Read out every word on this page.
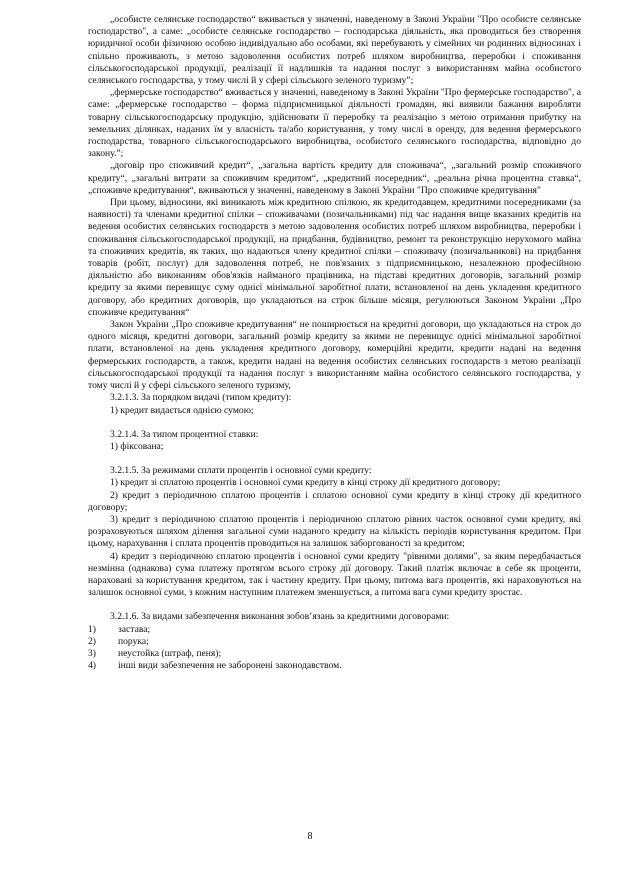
„особисте селянське господарство“ вживається у значенні, наведеному в Законі України "Про особисте селянське господарство", а саме: „особисте селянське господарство – господарська діяльність, яка проводиться без створення юридичної особи фізичною особою індивідуально або особами, які перебувають у сімейних чи родинних відносинах і спільно проживають, з метою задоволення особистих потреб шляхом виробництва, переробки і споживання сільськогосподарської продукції, реалізації її надлишків та надання послуг з використанням майна особистого селянського господарства, у тому числі й у сфері сільського зеленого туризму”;

„фермерське господарство“ вживається у значенні, наведеному в Законі України "Про фермерське господарство", а саме: „фермерське господарство – форма підприємницької діяльності громадян, які виявили бажання виробляти товарну сільськогосподарську продукцію, здійснювати її переробку та реалізацію з метою отримання прибутку на земельних ділянках, наданих їм у власність та/або користування, у тому числі в оренду, для ведення фермерського господарства, товарного сільськогосподарського виробництва, особистого селянського господарства, відповідно до закону.”;

„договір про споживчий кредит“, „загальна вартість кредиту для споживача“, „загальний розмір споживчого кредиту“, „загальні витрати за споживчим кредитом“, „кредитний посередник“, „реальна річна процентна ставка“, „споживче кредитування“, вживаються у значенні, наведеному в Законі України "Про споживче кредитування"

При цьому, відносини, які виникають між кредитною спілкою, як кредитодавцем, кредитними посередниками (за наявності) та членами кредитної спілки – споживачами (позичальниками) під час надання вище вказаних кредитів на ведення особистих селянських господарств з метою задоволення особистих потреб шляхом виробництва, переробки і споживання сільськогосподарської продукції, на придбання, будівництво, ремонт та реконструкцію нерухомого майна та споживчих кредитів, як таких, що надаються члену кредитної спілки – споживачу (позичальникові) на придбання товарів (робіт, послуг) для задоволення потреб, не пов'язаних з підприємницькою, незалежною професійною діяльністю або виконанням обов'язків найманого працівника, на підставі кредитних договорів, загальний розмір кредиту за якими перевищує суму однієї мінімальної заробітної плати, встановленої на день укладення кредитного договору, або кредитних договорів, що укладаються на строк більше місяця, регулюються Законом України „Про споживче кредитування“

Закон України „Про споживче кредитування“ не поширюється на кредитні договори, що укладаються на строк до одного місяця, кредитні договори, загальний розмір кредиту за якими не перевищує однієї мінімальної заробітної плати, встановленої на день укладення кредитного договору, комерційні кредити, кредити надані на ведення фермерських господарств, а також, кредити надані на ведення особистих селянських господарств з метою реалізації сільськогосподарської продукції та надання послуг з використанням майна особистого селянського господарства, у тому числі й у сфері сільського зеленого туризму,

3.2.1.3. За порядком видачі (типом кредиту):

1) кредит видається однією сумою;

3.2.1.4. За типом процентної ставки:

1) фіксована;

3.2.1.5. За режимами сплати процентів і основної суми кредиту:

1) кредит зі сплатою процентів і основної суми кредиту в кінці строку дії кредитного договору;

2) кредит з періодичною сплатою процентів і сплатою основної суми кредиту в кінці строку дії кредитного договору;

3) кредит з періодичною сплатою процентів і періодичною сплатою рівних часток основної суми кредиту, які розраховуються шляхом ділення загальної суми наданого кредиту на кількість періодів користування кредитом. При цьому, нарахування і сплата процентів проводиться на залишок заборгованості за кредитом;

4) кредит з періодичною сплатою процентів і основної суми кредиту "рівними долями", за яким передбачається незмінна (однакова) сума платежу протягом всього строку дії договору. Такий платіж включає в себе як проценти, нараховані за користування кредитом, так і частину кредиту. При цьому, питома вага процентів, які нараховуються на залишок основної суми, з кожним наступним платежем зменшується, а питома вага суми кредиту зростає.

3.2.1.6. За видами забезпечення виконання зобов’язань за кредитними договорами:

1)	застава;
2)	порука;
3)	неустойка (штраф, пеня);
4)	інші види забезпечення не заборонені законодавством.
8
